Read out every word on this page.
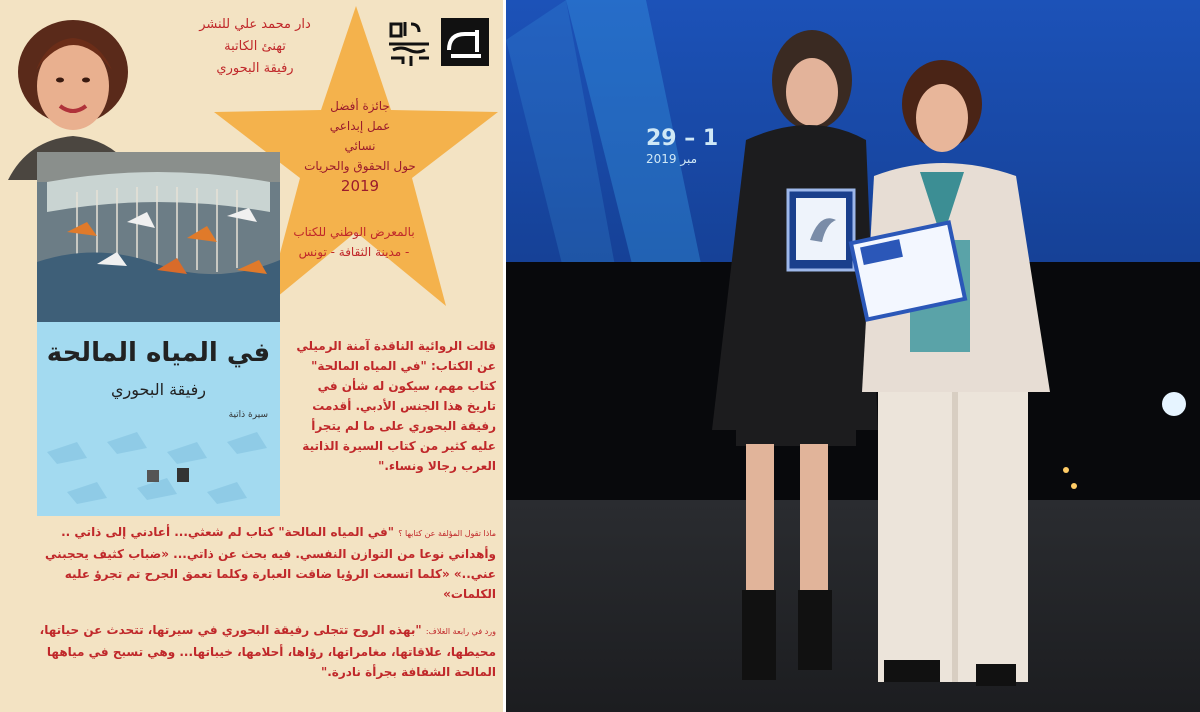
دار محمد علي للنشر
تهنئ الكاتبة
رفيقة البحوري
جائزة أفضل
عمل إبداعي
نسائي
حول الحقوق والحريات
2019
بالمعرض الوطني للكتاب
- مدينة الثقافة - تونس
في المياه المالحة
رفيقة البحوري
سيرة ذاتية
قالت الروائية الناقدة آمنة الرميلي عن الكتاب: "في المياه المالحة" كتاب مهم، سيكون له شأن في تاريخ هذا الجنس الأدبي. أقدمت رفيقة البحوري على ما لم يتجرأ عليه كثير من كتاب السيرة الذاتية العرب رجالا ونساء."
ماذا تقول المؤلفة عن كتابها ؟ "في المياه المالحة" كتاب لم شعثي... أعادني إلى ذاتي .. وأهداني نوعا من التوازن النفسي. فيه بحث عن ذاتي... «ضباب كثيف يحجبني عني..» «كلما اتسعت الرؤيا ضاقت العبارة وكلما تعمق الجرح تم تجرؤ عليه الكلمات»
ورد في رابعة الغلاف: "بهذه الروح تتجلى رفيقة البحوري في سيرتها، تتحدث عن حياتها، محيطها، علاقاتها، مغامراتها، رؤاها، أحلامها، خيباتها... وهي تسبح في مياهها المالحة الشفافة بجرأة نادرة."
29 – 1
2019 مبر
